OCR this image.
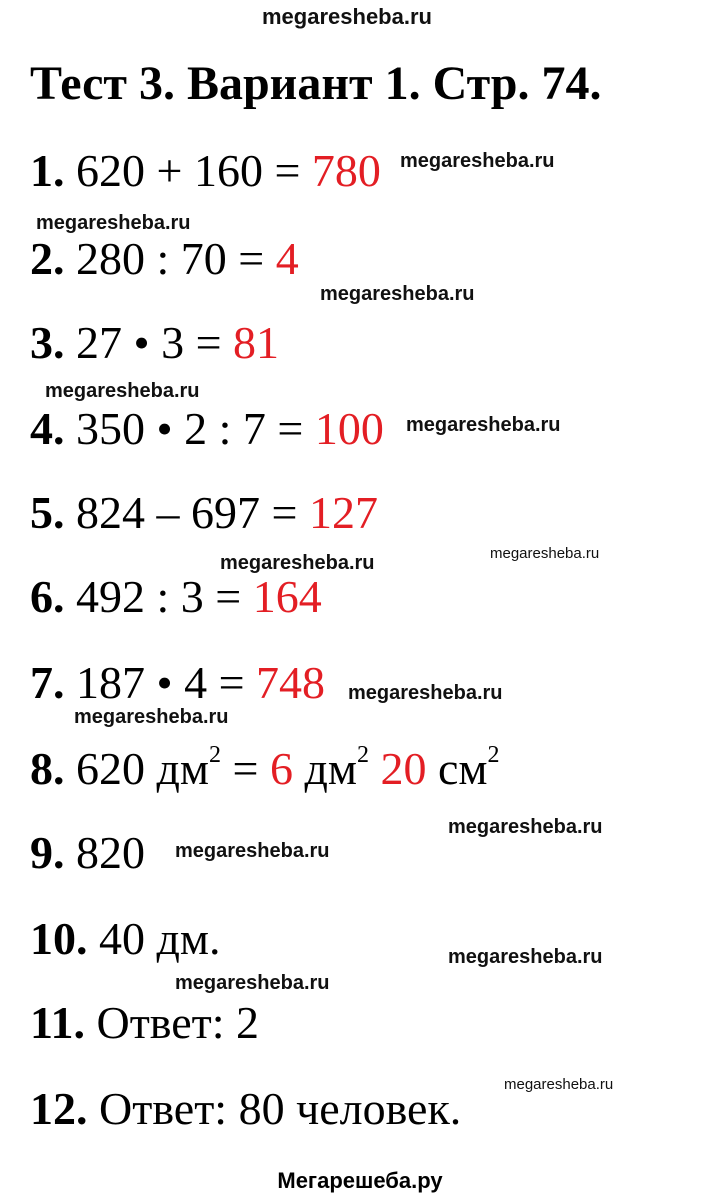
megaresheba.ru
Тест 3. Вариант 1. Стр. 74.
1. 620 + 160 = 780
2. 280 : 70 = 4
3. 27 • 3 = 81
4. 350 • 2 : 7 = 100
5. 824 – 697 = 127
6. 492 : 3 = 164
7. 187 • 4 = 748
8. 620 $дм^2 = 6$ $дм^2$ 20 $см^2$
9. 820
10. 40 дм.
11. Ответ: 2
12. Ответ: 80 человек.
megaresheba.ru
megaresheba.ru
megaresheba.ru
megaresheba.ru
megaresheba.ru
megaresheba.ru	megaresheba.ru
megaresheba.ru
megaresheba.ru
megaresheba.ru
megaresheba.ru
megaresheba.ru
megaresheba.ru
megaresheba.ru
Мегарешеба.ру
